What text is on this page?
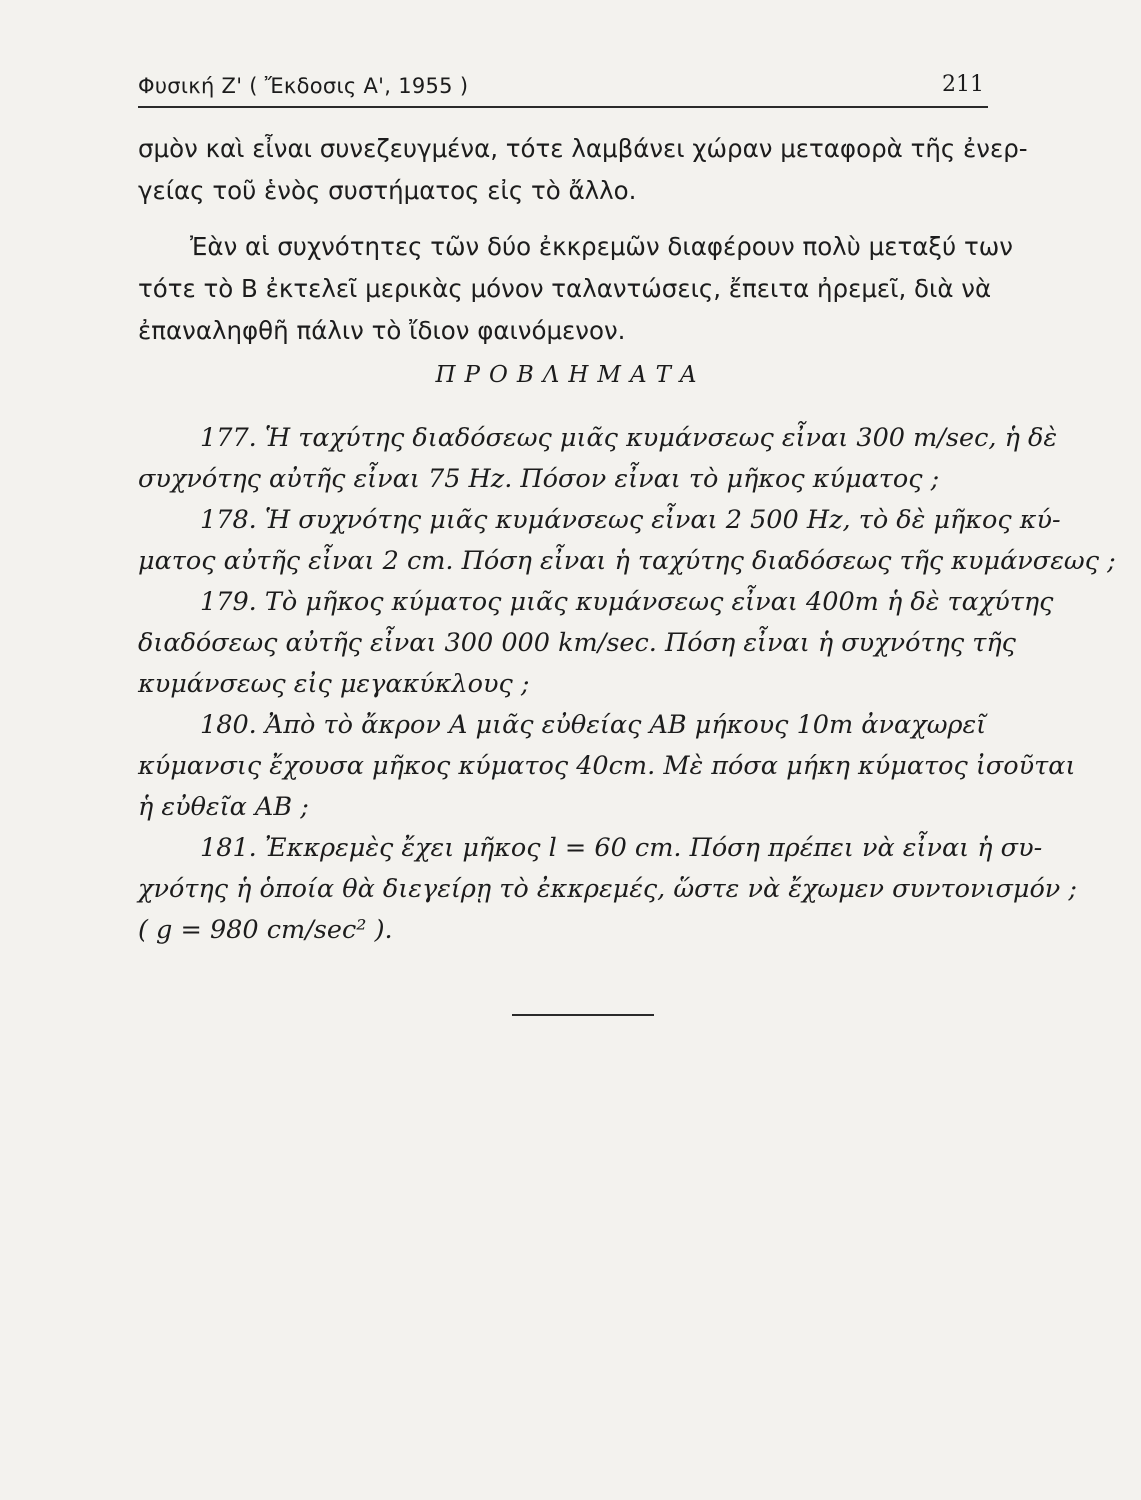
Φυσική Ζ' ( Ἔκδοσις Α', 1955 )	211
σμὸν καὶ εἶναι συνεζευγμένα, τότε λαμβάνει χώραν μεταφορὰ τῆς ἐνερ-
γείας τοῦ ἑνὸς συστήματος εἰς τὸ ἄλλο.
Ἐὰν αἱ συχνότητες τῶν δύο ἐκκρεμῶν διαφέρουν πολὺ μεταξύ των
τότε τὸ Β ἐκτελεῖ μερικὰς μόνον ταλαντώσεις, ἔπειτα ἠρεμεῖ, διὰ νὰ
ἐπαναληφθῆ πάλιν τὸ ἴδιον φαινόμενον.
ΠΡΟΒΛΗΜΑΤΑ
177. Ἡ ταχύτης διαδόσεως μιᾶς κυμάνσεως εἶναι 300 m/sec, ἡ δὲ
συχνότης αὐτῆς εἶναι 75 Hz. Πόσον εἶναι τὸ μῆκος κύματος ;
178. Ἡ συχνότης μιᾶς κυμάνσεως εἶναι 2 500 Hz, τὸ δὲ μῆκος κύ-
ματος αὐτῆς εἶναι 2 cm. Πόση εἶναι ἡ ταχύτης διαδόσεως τῆς κυμάνσεως ;
179. Τὸ μῆκος κύματος μιᾶς κυμάνσεως εἶναι 400m ἡ δὲ ταχύτης
διαδόσεως αὐτῆς εἶναι 300 000 km/sec. Πόση εἶναι ἡ συχνότης τῆς
κυμάνσεως εἰς μεγακύκλους ;
180. Ἀπὸ τὸ ἄκρον Α μιᾶς εὐθείας ΑΒ μήκους 10m ἀναχωρεῖ
κύμανσις ἔχουσα μῆκος κύματος 40cm. Μὲ πόσα μήκη κύματος ἰσοῦται
ἡ εὐθεῖα ΑΒ ;
181. Ἐκκρεμὲς ἔχει μῆκος l = 60 cm. Πόση πρέπει νὰ εἶναι ἡ συ-
χνότης ἡ ὁποία θὰ διεγείρῃ τὸ ἐκκρεμές, ὥστε νὰ ἔχωμεν συντονισμόν ;
( g = 980 cm/sec² ).
